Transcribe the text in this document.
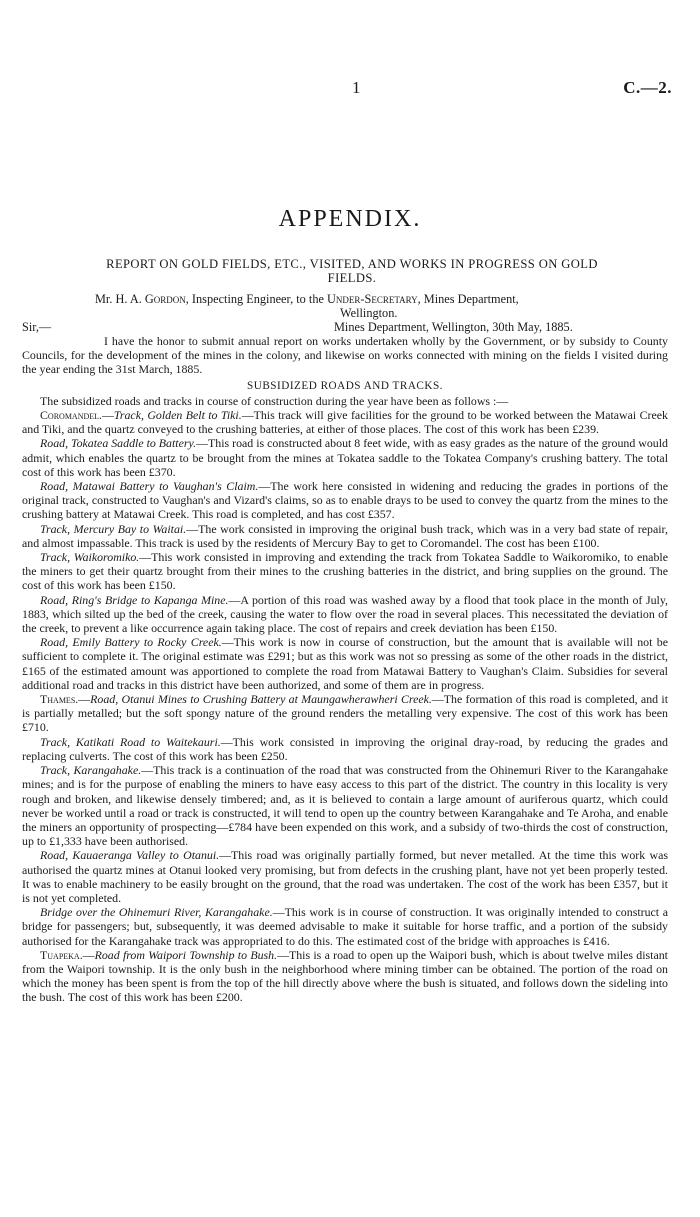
1	C.—2.
APPENDIX.
REPORT ON GOLD FIELDS, ETC., VISITED, AND WORKS IN PROGRESS ON GOLD FIELDS.
Mr. H. A. Gordon, Inspecting Engineer, to the Under-Secretary, Mines Department,
Wellington.
Sir,—	Mines Department, Wellington, 30th May, 1885.

I have the honor to submit annual report on works undertaken wholly by the Government, or by subsidy to County Councils, for the development of the mines in the colony, and likewise on works connected with mining on the fields I visited during the year ending the 31st March, 1885.

SUBSIDIZED ROADS AND TRACKS.

The subsidized roads and tracks in course of construction during the year have been as follows :—

Coromandel.—Track, Golden Belt to Tiki.—This track will give facilities for the ground to be worked between the Matawai Creek and Tiki, and the quartz conveyed to the crushing batteries, at either of those places. The cost of this work has been £239.

Road, Tokatea Saddle to Battery.—This road is constructed about 8 feet wide, with as easy grades as the nature of the ground would admit, which enables the quartz to be brought from the mines at Tokatea saddle to the Tokatea Company's crushing battery. The total cost of this work has been £370.

Road, Matawai Battery to Vaughan's Claim.—The work here consisted in widening and reducing the grades in portions of the original track, constructed to Vaughan's and Vizard's claims, so as to enable drays to be used to convey the quartz from the mines to the crushing battery at Matawai Creek. This road is completed, and has cost £357.

Track, Mercury Bay to Waitai.—The work consisted in improving the original bush track, which was in a very bad state of repair, and almost impassable. This track is used by the residents of Mercury Bay to get to Coromandel. The cost has been £100.

Track, Waikoromiko.—This work consisted in improving and extending the track from Tokatea Saddle to Waikoromiko, to enable the miners to get their quartz brought from their mines to the crushing batteries in the district, and bring supplies on the ground. The cost of this work has been £150.

Road, Ring's Bridge to Kapanga Mine.—A portion of this road was washed away by a flood that took place in the month of July, 1883, which silted up the bed of the creek, causing the water to flow over the road in several places. This necessitated the deviation of the creek, to prevent a like occurrence again taking place. The cost of repairs and creek deviation has been £150.

Road, Emily Battery to Rocky Creek.—This work is now in course of construction, but the amount that is available will not be sufficient to complete it. The original estimate was £291; but as this work was not so pressing as some of the other roads in the district, £165 of the estimated amount was apportioned to complete the road from Matawai Battery to Vaughan's Claim. Subsidies for several additional road and tracks in this district have been authorized, and some of them are in progress.

Thames.—Road, Otanui Mines to Crushing Battery at Maungawherawheri Creek.—The formation of this road is completed, and it is partially metalled; but the soft spongy nature of the ground renders the metalling very expensive. The cost of this work has been £710.

Track, Katikati Road to Waitekauri.—This work consisted in improving the original dray-road, by reducing the grades and replacing culverts. The cost of this work has been £250.

Track, Karangahake.—This track is a continuation of the road that was constructed from the Ohinemuri River to the Karangahake mines; and is for the purpose of enabling the miners to have easy access to this part of the district. The country in this locality is very rough and broken, and likewise densely timbered; and, as it is believed to contain a large amount of auriferous quartz, which could never be worked until a road or track is constructed, it will tend to open up the country between Karangahake and Te Aroha, and enable the miners an opportunity of prospecting—£784 have been expended on this work, and a subsidy of two-thirds the cost of construction, up to £1,333 have been authorised.

Road, Kauaeranga Valley to Otanui.—This road was originally partially formed, but never metalled. At the time this work was authorised the quartz mines at Otanui looked very promising, but from defects in the crushing plant, have not yet been properly tested. It was to enable machinery to be easily brought on the ground, that the road was undertaken. The cost of the work has been £357, but it is not yet completed.

Bridge over the Ohinemuri River, Karangahake.—This work is in course of construction. It was originally intended to construct a bridge for passengers; but, subsequently, it was deemed advisable to make it suitable for horse traffic, and a portion of the subsidy authorised for the Karangahake track was appropriated to do this. The estimated cost of the bridge with approaches is £416.

Tuapeka.—Road from Waipori Township to Bush.—This is a road to open up the Waipori bush, which is about twelve miles distant from the Waipori township. It is the only bush in the neighborhood where mining timber can be obtained. The portion of the road on which the money has been spent is from the top of the hill directly above where the bush is situated, and follows down the sideling into the bush. The cost of this work has been £200.
